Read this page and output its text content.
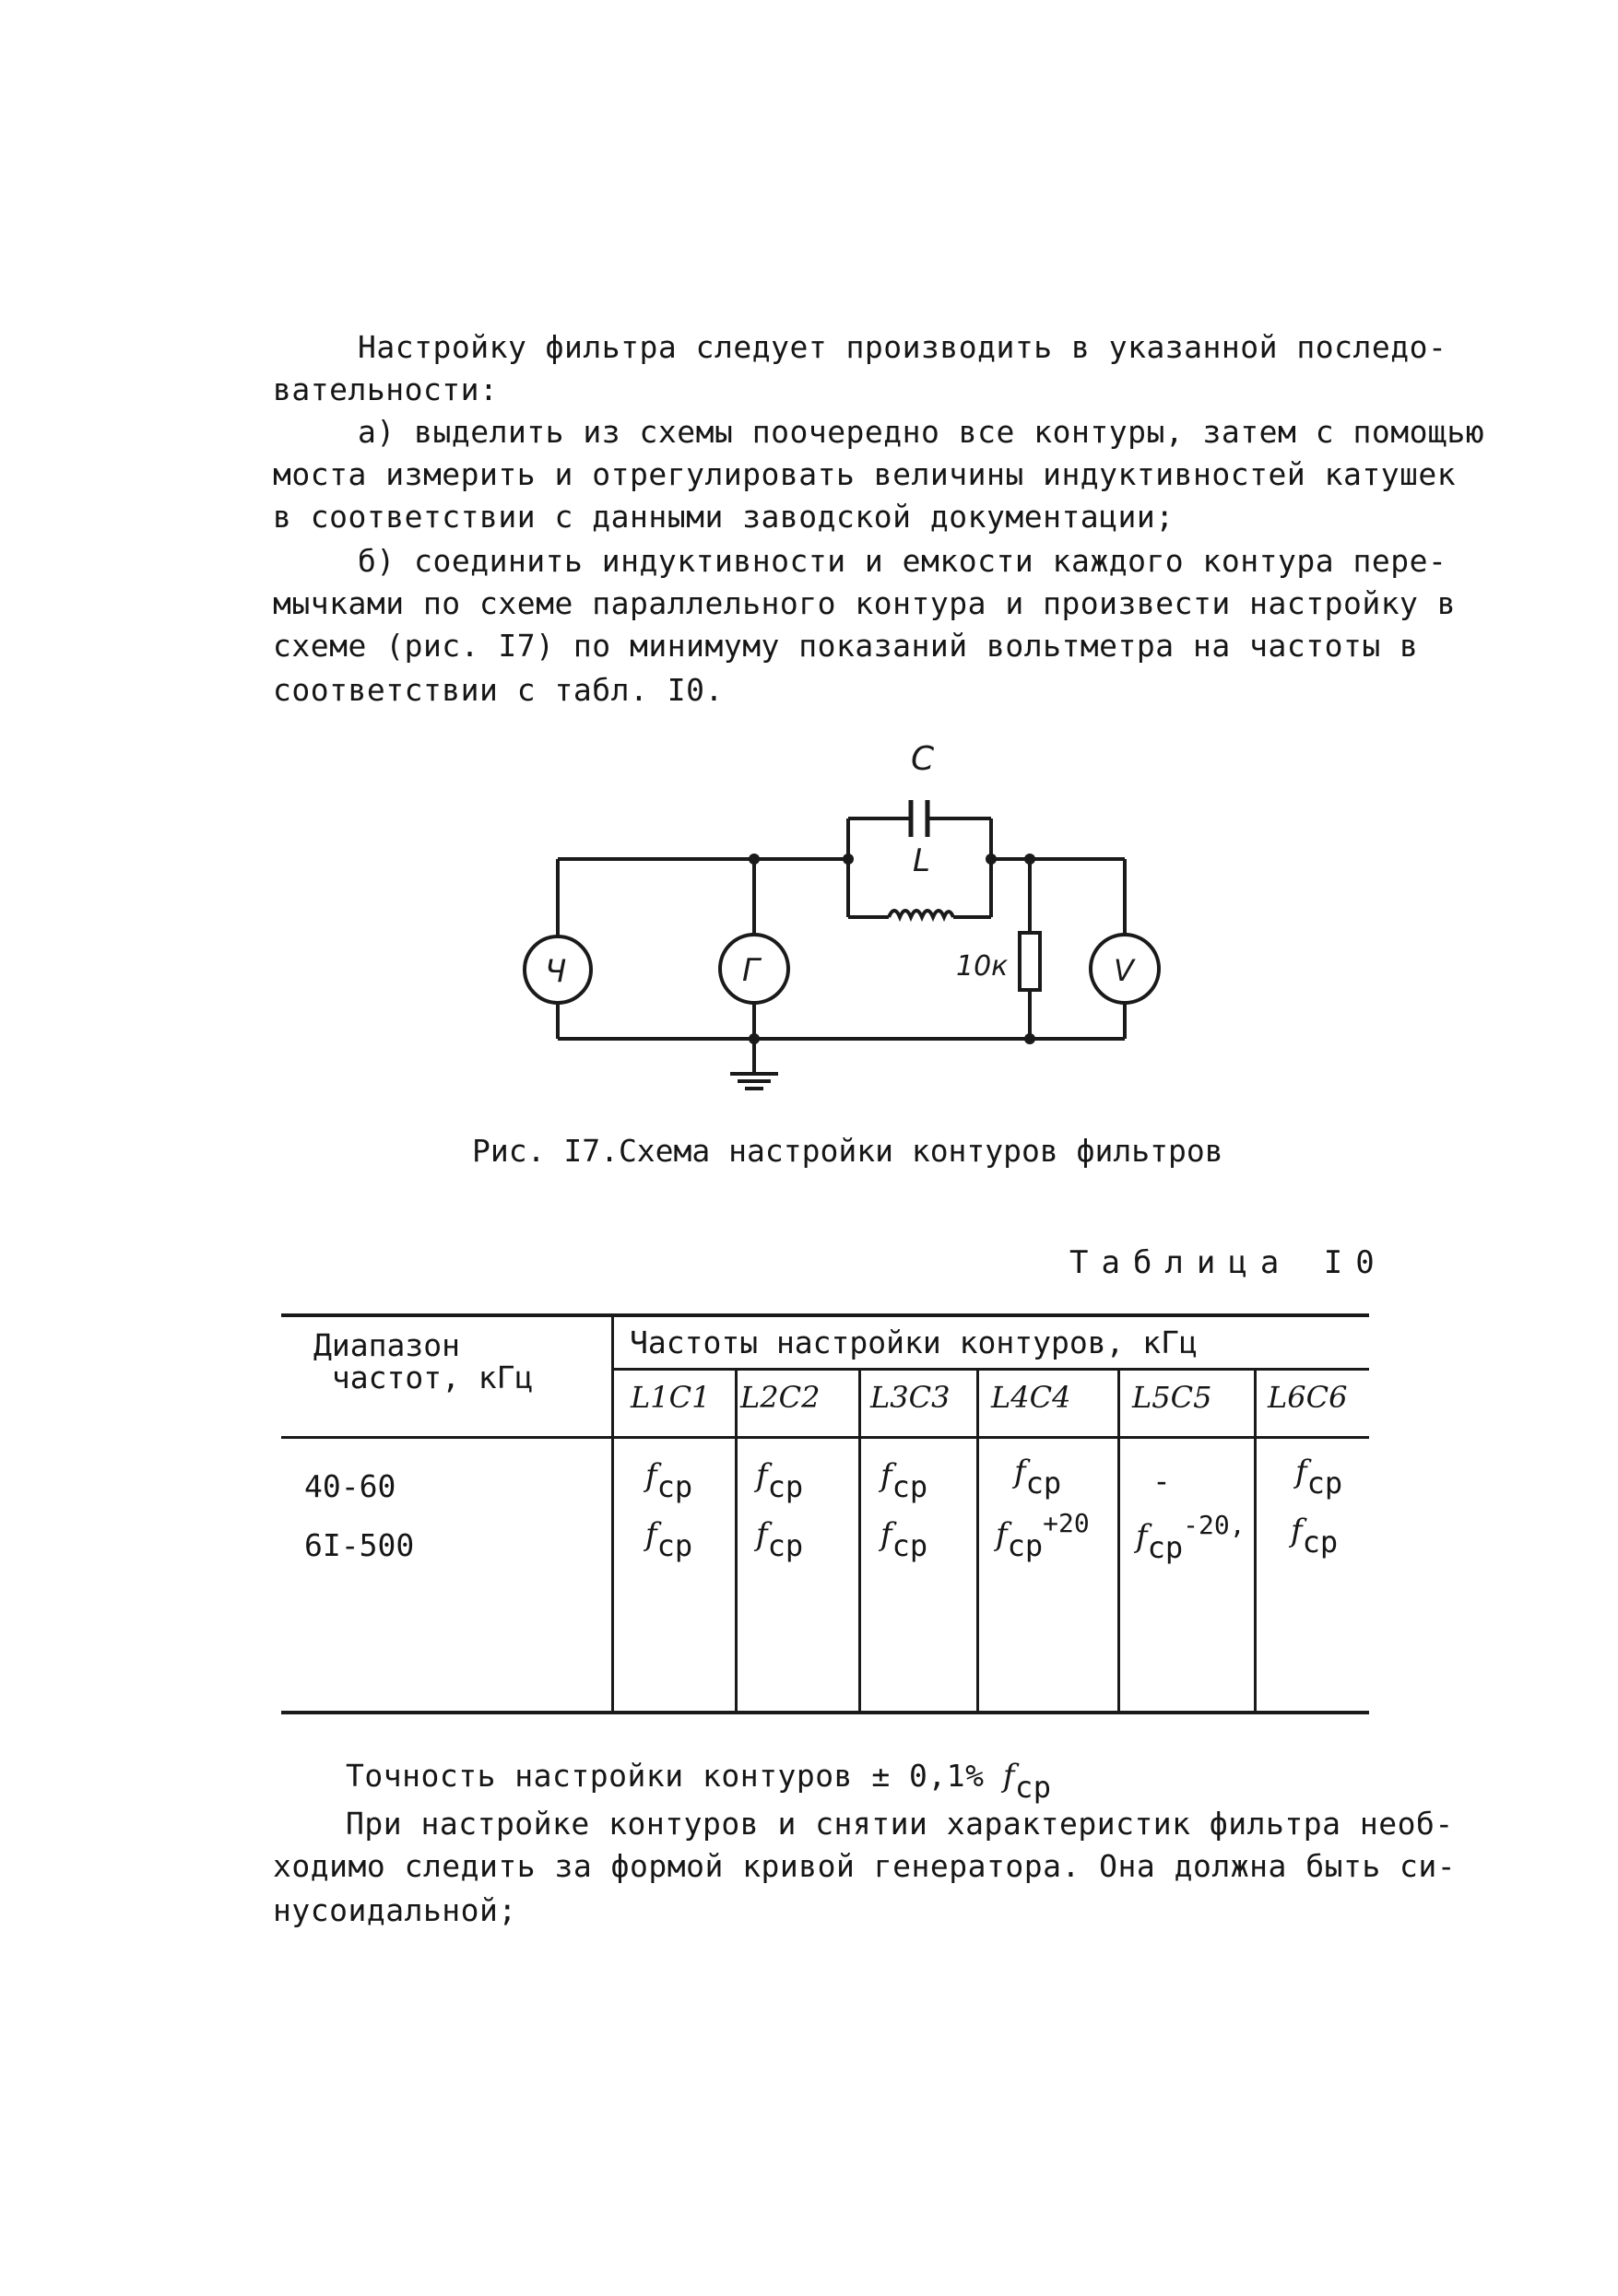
Настройку фильтра следует производить в указанной последо-
вательности:
а) выделить из схемы поочередно все контуры, затем с помощью
моста измерить и отрегулировать величины индуктивностей катушек
в соответствии с данными заводской документации;
б) соединить индуктивности и емкости каждого контура пере-
мычками по схеме параллельного контура и произвести настройку в
схеме (рис. I7) по минимуму показаний вольтметра на частоты в
соответствии с табл. I0.
C
L
Ч	Г	10к	V
Рис. I7.Схема настройки контуров фильтров
Таблица I0
Диапазон
частот, кГц
Частоты настройки контуров, кГц
L1C1 L2C2 L3C3 L4C4 L5C5 L6C6
40-60	fcp fcp fcp	fcp	-	fcp
6I-500	fcp fcp fcp fcp$^{+20}$ fcp$^{-20,}$ fcp
Точность настройки контуров ± 0,1% fcp
При настройке контуров и снятии характеристик фильтра необ-
ходимо следить за формой кривой генератора. Она должна быть си-
нусоидальной;
